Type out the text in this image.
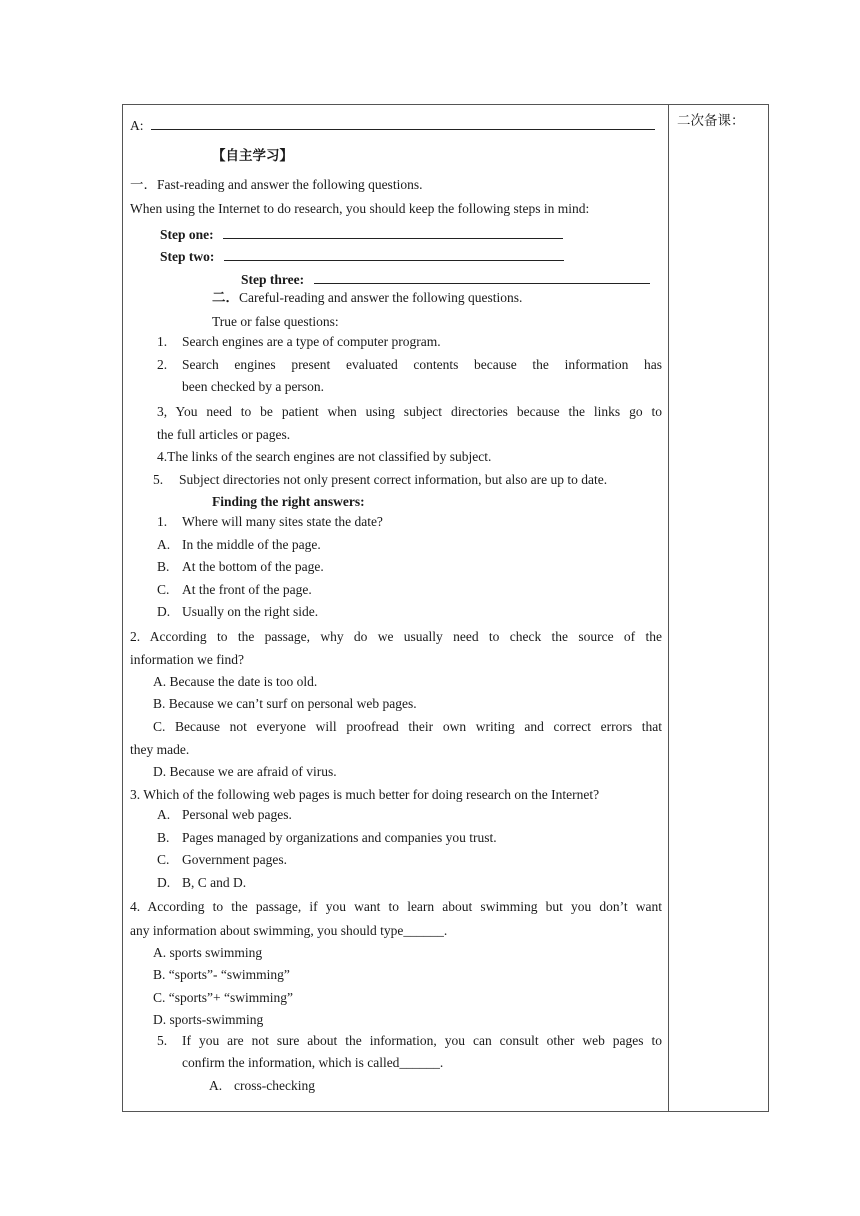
二次备课：
A:
【自主学习】
一．Fast-reading and answer the following questions.
When using the Internet to do research, you should keep the following steps in mind:
Step one:
Step two:
Step three:
二．Careful-reading and answer the following questions.
True or false questions:
1. Search engines are a type of computer program.
2. Search engines present evaluated contents because the information has
been checked by a person.
3, You need to be patient when using subject directories because the links go to
the full articles or pages.
4.The links of the search engines are not classified by subject.
5. Subject directories not only present correct information, but also are up to date.
Finding the right answers:
1. Where will many sites state the date?
A. In the middle of the page.
B. At the bottom of the page.
C. At the front of the page.
D. Usually on the right side.
2. According to the passage, why do we usually need to check the source of the
information we find?
A. Because the date is too old.
B. Because we can’t surf on personal web pages.
C. Because not everyone will proofread their own writing and correct errors that
they made.
D. Because we are afraid of virus.
3. Which of the following web pages is much better for doing research on the Internet?
A. Personal web pages.
B. Pages managed by organizations and companies you trust.
C. Government pages.
D. B, C and D.
4. According to the passage, if you want to learn about swimming but you don’t want
any information about swimming, you should type______.
A. sports swimming
B. “sports”- “swimming”
C. “sports”+ “swimming”
D. sports-swimming
5. If you are not sure about the information, you can consult other web pages to
confirm the information, which is called______.
A. cross-checking
